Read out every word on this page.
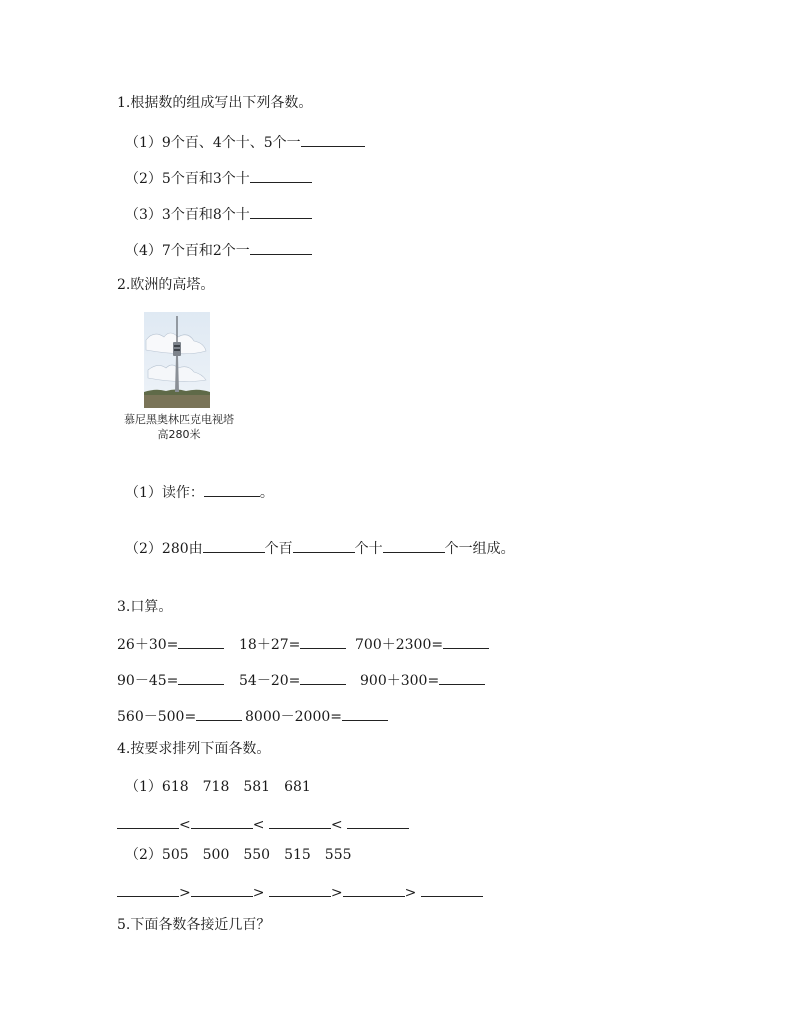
1.根据数的组成写出下列各数。
（1）9个百、4个十、5个一
（2）5个百和3个十
（3）3个百和8个十
（4）7个百和2个一
2.欧洲的高塔。
慕尼黑奥林匹克电视塔
高280米
（1）读作：	。
（2）280由	个百	个十	个一组成。
3.口算。
26＋30=	18＋27=	700＋2300=
90－45=	54－20=	900＋300=
560－500=	8000－2000=
4.按要求排列下面各数。
（1）618　718　581　681
<	<	<
（2）505　500　550　515　555
>	>	>	>
5.下面各数各接近几百？
